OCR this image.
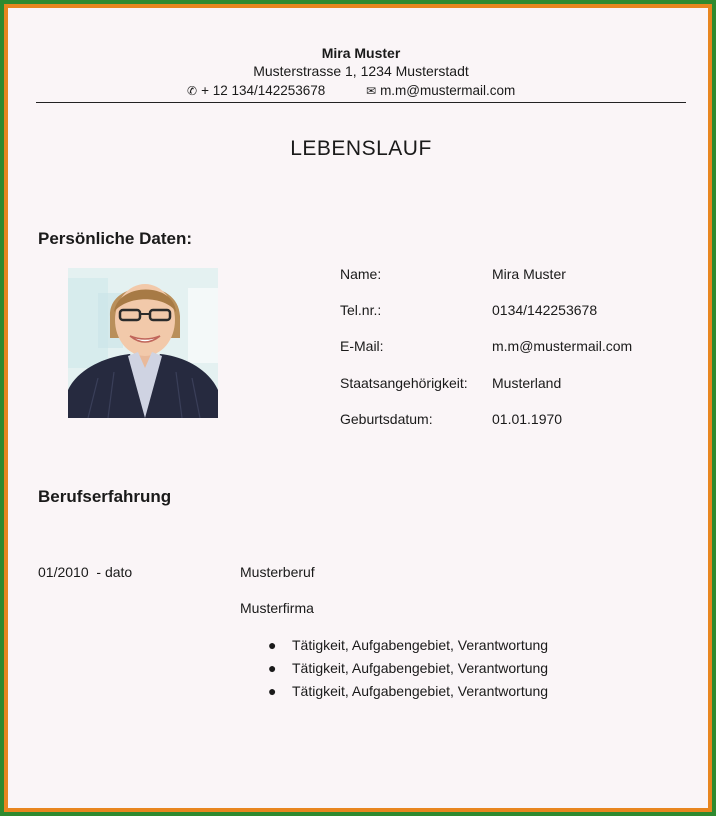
Mira Muster
Musterstrasse 1, 1234 Musterstadt
✆ + 12 134/142253678	✉ m.m@mustermail.com
LEBENSLAUF
Persönliche Daten:
Name:	Mira Muster
Tel.nr.:	0134/142253678
E-Mail:	m.m@mustermail.com
Staatsangehörigkeit: Musterland
Geburtsdatum:	01.01.1970
Berufserfahrung
01/2010  - dato	Musterberuf
Musterfirma
● Tätigkeit, Aufgabengebiet, Verantwortung
● Tätigkeit, Aufgabengebiet, Verantwortung
● Tätigkeit, Aufgabengebiet, Verantwortung
